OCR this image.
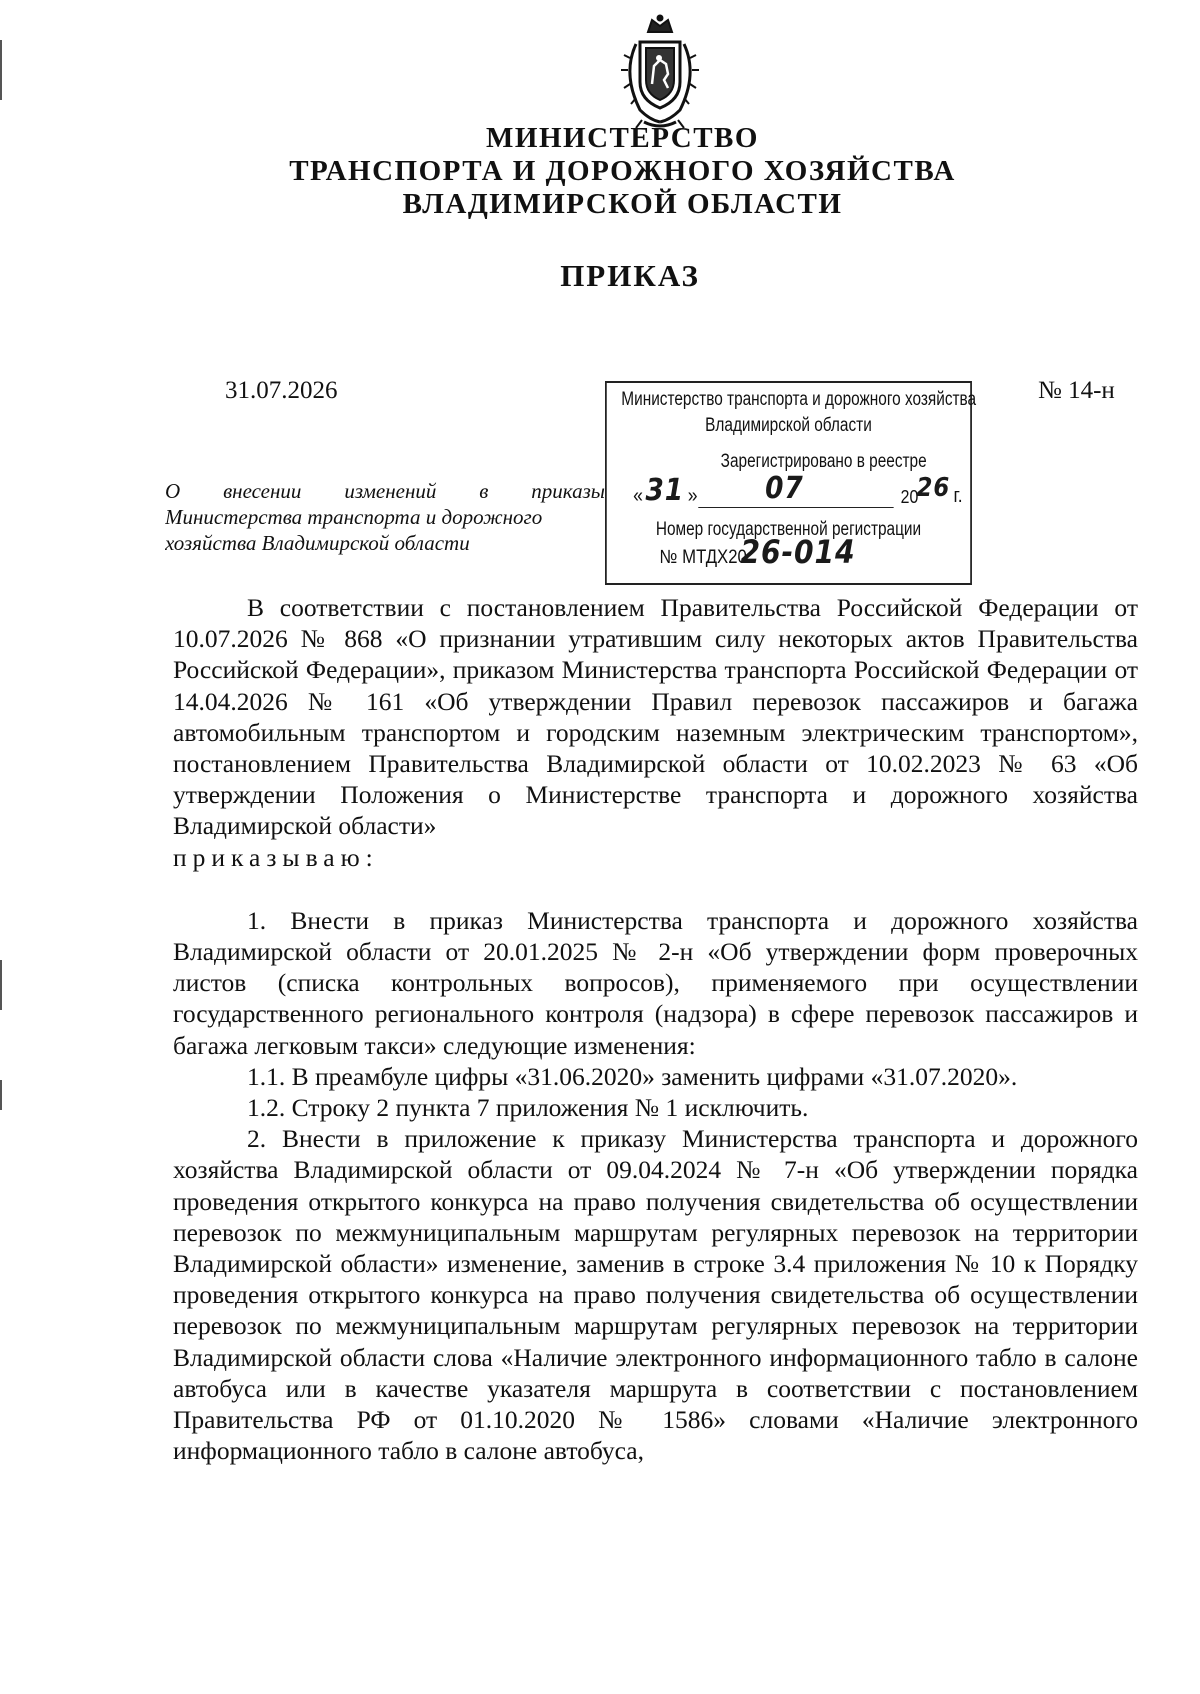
МИНИСТЕРСТВО
ТРАНСПОРТА И ДОРОЖНОГО ХОЗЯЙСТВА
ВЛАДИМИРСКОЙ ОБЛАСТИ
ПРИКАЗ
31.07.2026	№ 14-н
Министерство транспорта и дорожного хозяйства
Владимирской области
Зарегистрировано в реестре
« 31 » 07	20
26 г.
Номер государственной регистрации
№ МТДХ20
26-014
О внесении изменений в приказы
Министерства транспорта и дорожного
хозяйства Владимирской области
В соответствии с постановлением Правительства Российской Федерации от 10.07.2026 № 868 «О признании утратившим силу некоторых актов Правительства Российской Федерации», приказом Министерства транспорта Российской Федерации от 14.04.2026 № 161 «Об утверждении Правил перевозок пассажиров и багажа автомобильным транспортом и городским наземным электрическим транспортом», постановлением Правительства Владимирской области от 10.02.2023 № 63 «Об утверждении Положения о Министерстве транспорта и дорожного хозяйства Владимирской области»
приказываю:
1. Внести в приказ Министерства транспорта и дорожного хозяйства Владимирской области от 20.01.2025 № 2-н «Об утверждении форм проверочных листов (списка контрольных вопросов), применяемого при осуществлении государственного регионального контроля (надзора) в сфере перевозок пассажиров и багажа легковым такси» следующие изменения:
1.1. В преамбуле цифры «31.06.2020» заменить цифрами «31.07.2020».
1.2. Строку 2 пункта 7 приложения № 1 исключить.
2. Внести в приложение к приказу Министерства транспорта и дорожного хозяйства Владимирской области от 09.04.2024 № 7-н «Об утверждении порядка проведения открытого конкурса на право получения свидетельства об осуществлении перевозок по межмуниципальным маршрутам регулярных перевозок на территории Владимирской области» изменение, заменив в строке 3.4 приложения № 10 к Порядку проведения открытого конкурса на право получения свидетельства об осуществлении перевозок по межмуниципальным маршрутам регулярных перевозок на территории Владимирской области слова «Наличие электронного информационного табло в салоне автобуса или в качестве указателя маршрута в соответствии с постановлением Правительства РФ от 01.10.2020 № 1586» словами «Наличие электронного информационного табло в салоне автобуса,
